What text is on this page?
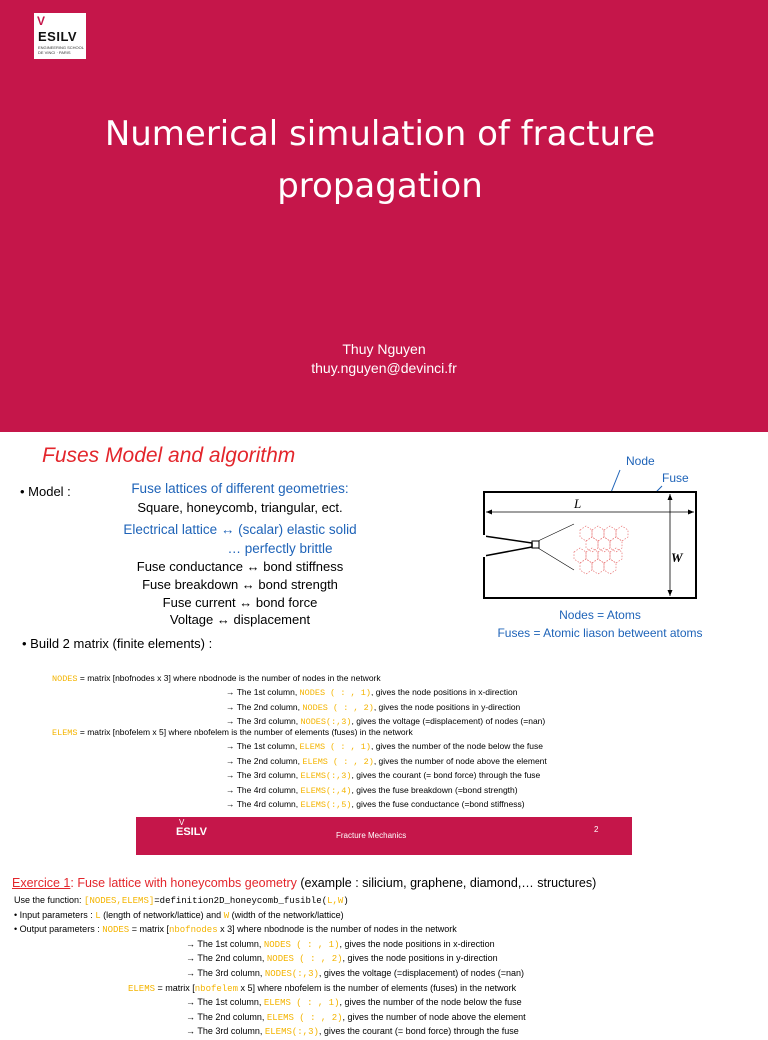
V
ESILV
ENGINEERING SCHOOL
DE VINCI · PARIS
Numerical simulation of fracture
propagation
Thuy Nguyen
thuy.nguyen@devinci.fr
Fuses Model and algorithm
• Model :	Fuse lattices of different geometries:
Square, honeycomb, triangular, ect.
Electrical lattice ↔ (scalar) elastic solid
… perfectly brittle
Fuse conductance ↔ bond stiffness
Fuse breakdown ↔ bond strength
Fuse current ↔ bond force
Voltage ↔ displacement
Node
Fuse
L
W
Nodes = Atoms
Fuses = Atomic liason betweent atoms
• Build 2 matrix (finite elements) :
NODES = matrix [nbofnodes x 3] where nbodnode is the number of nodes in the network
→ The 1st column, NODES ( : , 1), gives the node positions in x-direction
→ The 2nd column, NODES ( : , 2), gives the node positions in y-direction
→ The 3rd column, NODES(:,3), gives the voltage (=displacement) of nodes (=nan)
ELEMS = matrix [nbofelem x 5] where nbofelem is the number of elements (fuses) in the network
→ The 1st column, ELEMS ( : , 1), gives the number of the node below the fuse
→ The 2nd column, ELEMS ( : , 2), gives the number of node above the element
→ The 3rd column, ELEMS(:,3), gives the courant (= bond force) through the fuse
→ The 4rd column, ELEMS(:,4), gives the fuse breakdown (=bond strength)
→ The 4rd column, ELEMS(:,5), gives the fuse conductance (=bond stiffness)
V
ESILV	Fracture Mechanics
2
Exercice 1: Fuse lattice with honeycombs geometry (example : silicium, graphene, diamond,… structures)
Use the function: [NODES,ELEMS]=definition2D_honeycomb_fusible(L,W)
• Input parameters : L (length of network/lattice) and W (width of the network/lattice)
• Output parameters : NODES = matrix [nbofnodes x 3] where nbodnode is the number of nodes in the network
→ The 1st column, NODES ( : , 1), gives the node positions in x-direction
→ The 2nd column, NODES ( : , 2), gives the node positions in y-direction
→ The 3rd column, NODES(:,3), gives the voltage (=displacement) of nodes (=nan)
ELEMS = matrix [nbofelem x 5] where nbofelem is the number of elements (fuses) in the network
→ The 1st column, ELEMS ( : , 1), gives the number of the node below the fuse
→ The 2nd column, ELEMS ( : , 2), gives the number of node above the element
→ The 3rd column, ELEMS(:,3), gives the courant (= bond force) through the fuse
